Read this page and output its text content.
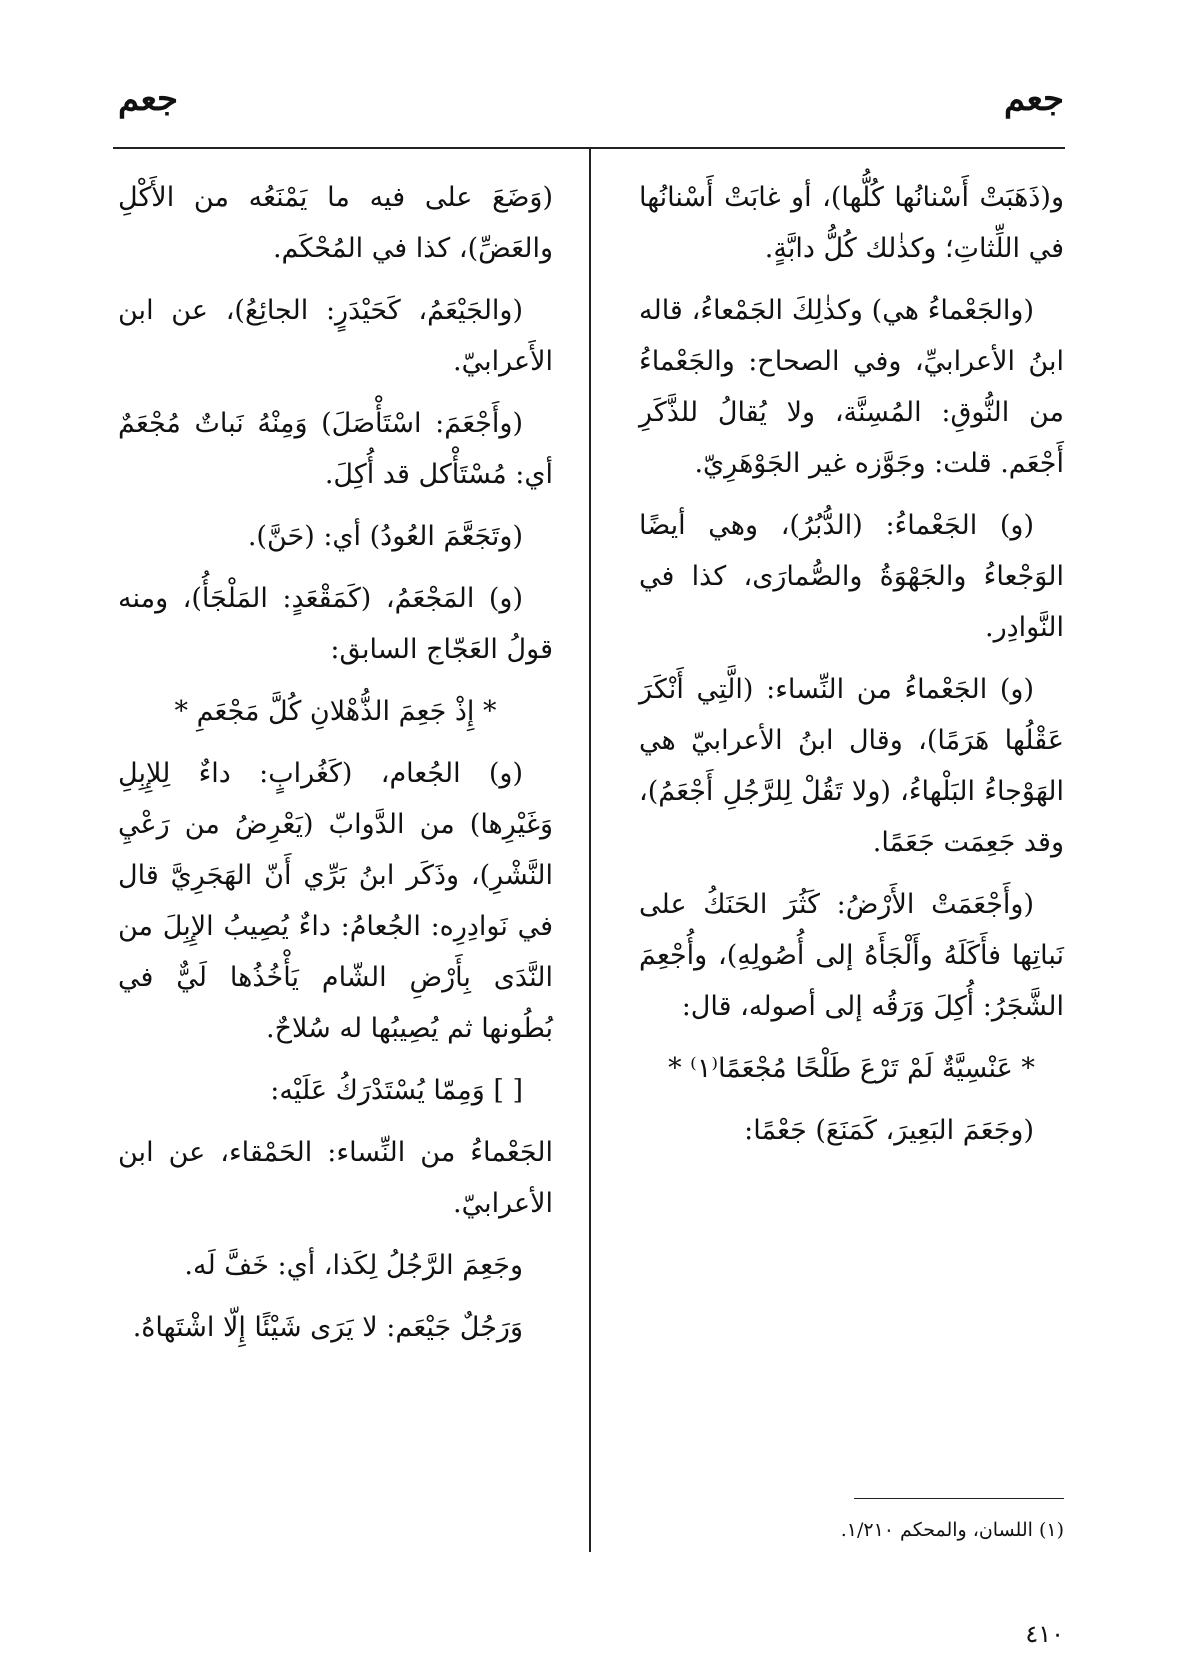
جعم
جعم

و(ذَهَبَتْ أَسْنانُها كُلُّها)، أو غابَتْ أَسْنانُها في اللِّثاتِ؛ وكذٰلك كُلُّ دابَّةٍ.

(والجَعْماءُ هي) وكذٰلِكَ الجَمْعاءُ، قاله ابنُ الأعرابيِّ، وفي الصحاح: والجَعْماءُ من النُّوقِ: المُسِنَّة، ولا يُقالُ للذَّكَرِ أَجْعَم. قلت: وجَوَّزه غير الجَوْهَرِيّ.

(و) الجَعْماءُ: (الدُّبُرُ)، وهي أيضًا الوَجْعاءُ والجَهْوَةُ والصُّمارَى، كذا في النَّوادِر.

(و) الجَعْماءُ من النِّساء: (الَّتِي أَنْكَرَ عَقْلُها هَرَمًا)، وقال ابنُ الأعرابيّ هي الهَوْجاءُ البَلْهاءُ، (ولا تَقُلْ لِلرَّجُلِ أَجْعَمُ)، وقد جَعِمَت جَعَمًا.

(وأَجْعَمَتْ الأَرْضُ: كَثُرَ الحَنَكُ على نَباتِها فأَكَلَهُ وأَلْجَأَهُ إلى أُصُولِهِ)، وأُجْعِمَ الشَّجَرُ: أُكِلَ وَرَقُه إلى أصوله، قال:

* عَنْسِيَّةٌ لَمْ تَرْعَ طَلْحًا مُجْعَمًا⁽١⁾ *

(وجَعَمَ البَعِيرَ، كَمَنَعَ) جَعْمًا:

(وَضَعَ على فيه ما يَمْنَعُه من الأَكْلِ والعَضِّ)، كذا في المُحْكَم.

(والجَيْعَمُ، كَحَيْدَرٍ: الجائِعُ)، عن ابن الأَعرابيّ.

(وأَجْعَمَ: اسْتَأْصَلَ) وَمِنْهُ نَباتٌ مُجْعَمٌ أي: مُسْتَأْكل قد أُكِلَ.

(وتَجَعَّمَ العُودُ) أي: (حَنَّ).

(و) المَجْعَمُ، (كَمَقْعَدٍ: المَلْجَأُ)، ومنه قولُ العَجّاج السابق:

* إِذْ جَعِمَ الذُّهْلانِ كُلَّ مَجْعَمِ *

(و) الجُعام، (كَغُرابٍ: داءٌ لِلإِبِلِ وَغَيْرِها) من الدَّوابّ (يَعْرِضُ من رَعْيِ النَّشْرِ)، وذَكَر ابنُ بَرِّي أَنّ الهَجَرِيَّ قال في نَوادِرِه: الجُعامُ: داءٌ يُصِيبُ الإِبِلَ من النَّدَى بِأَرْضِ الشّام يَأْخُذُها لَيٌّ في بُطُونها ثم يُصِيبُها له سُلاحٌ.

[ ] وَمِمّا يُسْتَدْرَكُ عَلَيْه:

الجَعْماءُ من النِّساء: الحَمْقاء، عن ابن الأعرابيّ.

وجَعِمَ الرَّجُلُ لِكَذا، أي: خَفَّ لَه.

وَرَجُلٌ جَيْعَم: لا يَرَى شَيْئًا إِلّا اشْتَهاهُ.

(١) اللسان، والمحكم ١/٢١٠.
٤١٠
